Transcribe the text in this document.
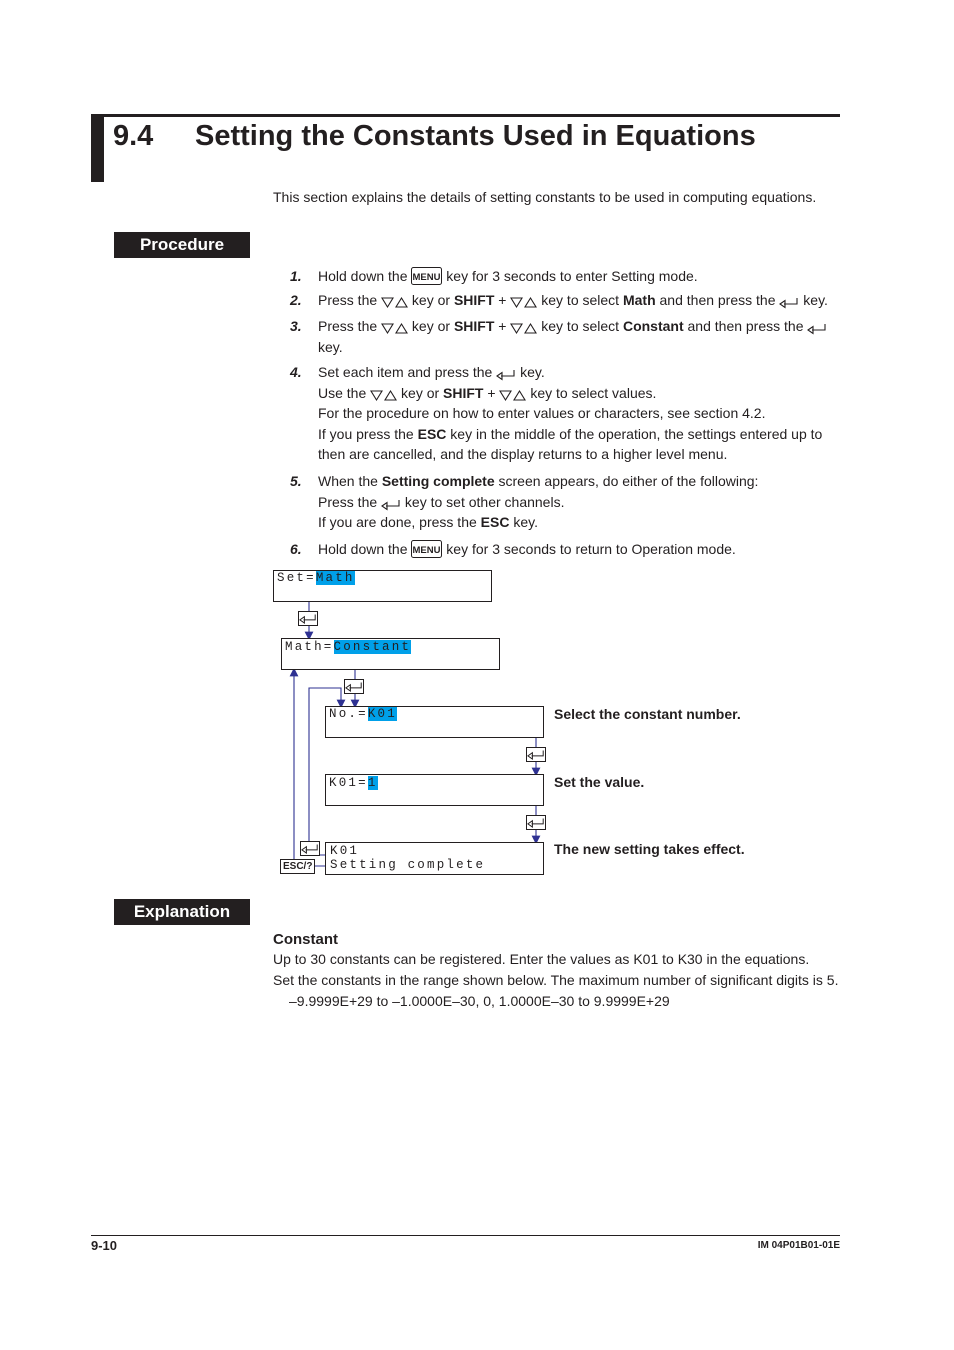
9.4 Setting the Constants Used in Equations
This section explains the details of setting constants to be used in computing equations.
Procedure
1. Hold down the MENU key for 3 seconds to enter Setting mode.
2. Press the  key or SHIFT +  key to select Math and then press the  key.
3. Press the  key or SHIFT +  key to select Constant and then press the
key.
4. Set each item and press the  key.
Use the  key or SHIFT +  key to select values.
For the procedure on how to enter values or characters, see section 4.2.
If you press the ESC key in the middle of the operation, the settings entered up to then are cancelled, and the display returns to a higher level menu.
5. When the Setting complete screen appears, do either of the following:
Press the  key to set other channels.
If you are done, press the ESC key.
6. Hold down the MENU key for 3 seconds to return to Operation mode.
ESC/?
Set=Math
Math=Constant
No.=K01	Select the constant number.
K01=1	Set the value.
K01
Setting complete
The new setting takes effect.
Explanation
Constant
Up to 30 constants can be registered. Enter the values as K01 to K30 in the equations.
Set the constants in the range shown below. The maximum number of significant digits is 5.
–9.9999E+29 to –1.0000E–30, 0, 1.0000E–30 to 9.9999E+29
9-10	IM 04P01B01-01E
